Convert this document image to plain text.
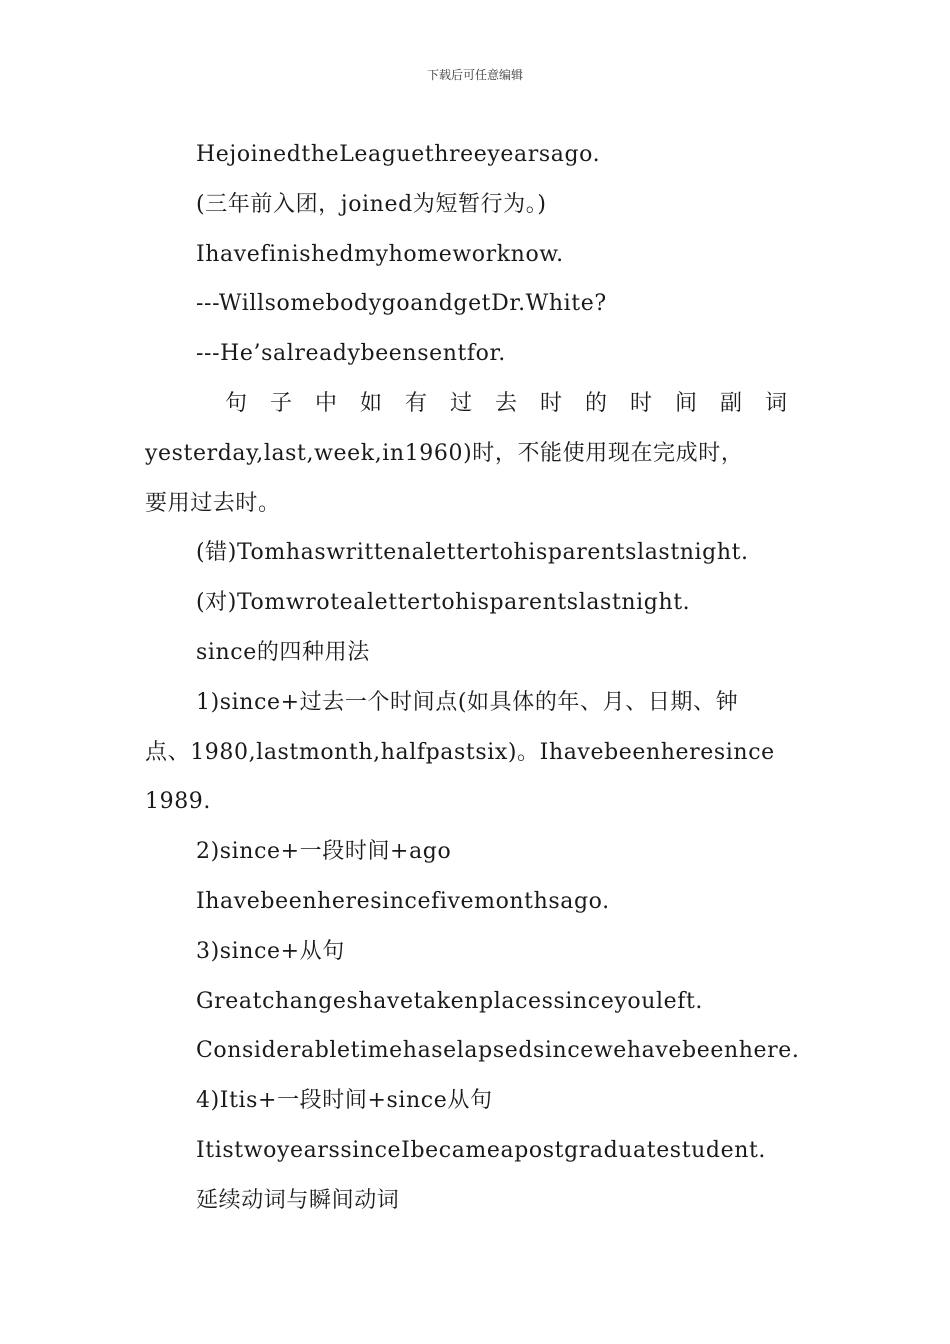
下载后可任意编辑
HejoinedtheLeaguethreeyearsago.
(三年前入团，joined为短暂行为。)
Ihavefinishedmyhomeworknow.
---WillsomebodygoandgetDr.White?
---He’salreadybeensentfor.
句子中如有过去时的时间副词
yesterday,last,week,in1960)时，不能使用现在完成时，
要用过去时。
(错)Tomhaswrittenalettertohisparentslastnight.
(对)Tomwrotealettertohisparentslastnight.
since的四种用法
1)since+过去一个时间点(如具体的年、月、日期、钟
点、1980,lastmonth,halfpastsix)。Ihavebeenheresince
1989.
2)since+一段时间+ago
Ihavebeenheresincefivemonthsago.
3)since+从句
Greatchangeshavetakenplacessinceyouleft.
Considerabletimehaselapsedsincewehavebeenhere.
4)Itis+一段时间+since从句
ItistwoyearssinceIbecameapostgraduatestudent.
延续动词与瞬间动词
